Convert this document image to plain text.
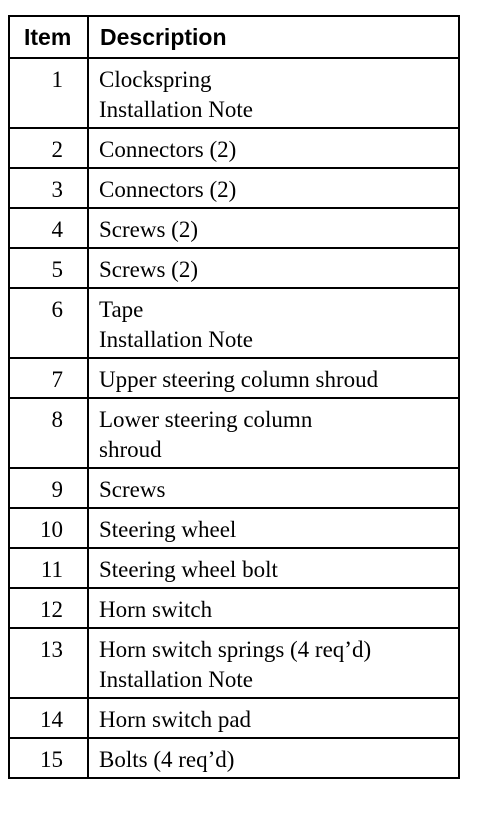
Item	Description
1	Clockspring
Installation Note

2	Connectors (2)

3	Connectors (2)

4	Screws (2)

5	Screws (2)

6	Tape
Installation Note

7	Upper steering column shroud

8	Lower steering column
shroud

9	Screws

10	Steering wheel

11	Steering wheel bolt

12	Horn switch

13	Horn switch springs (4 req’d)
Installation Note

14	Horn switch pad

15	Bolts (4 req’d)
